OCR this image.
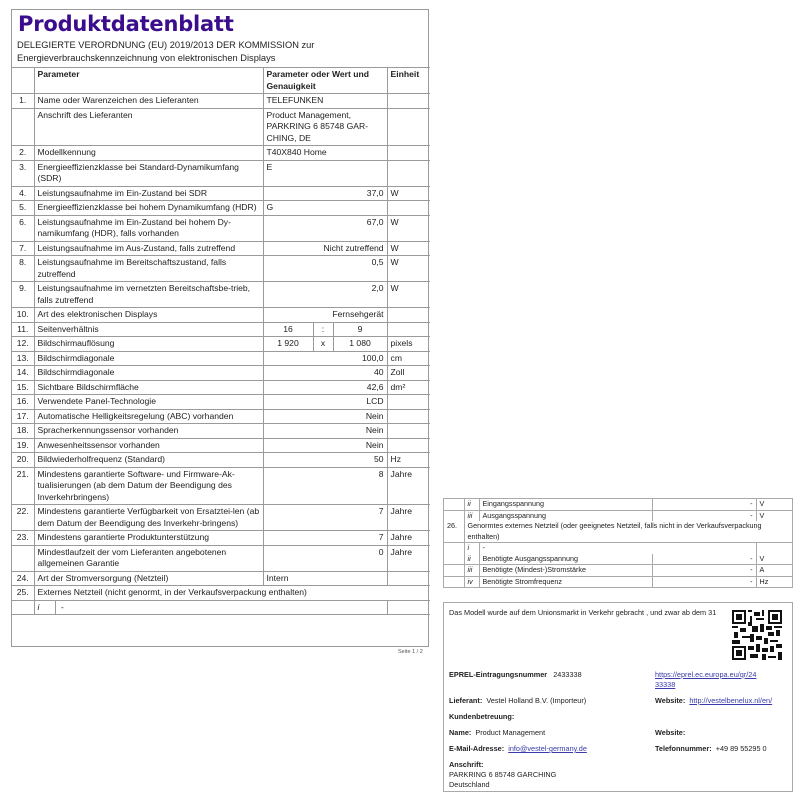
Produktdatenblatt
DELEGIERTE VERORDNUNG (EU) 2019/2013 DER KOMMISSION zur
Energieverbrauchskennzeichnung von elektronischen Displays
	Parameter	Parameter oder Wert und Genauigkeit			Einheit
1.	Name oder Warenzeichen des Lieferanten	TELEFUNKEN			
	Anschrift des Lieferanten	Product Management, PARKRING 6 85748 GAR-CHING, DE			
2.	Modellkennung	T40X840 Home			
3.	Energieeffizienzklasse bei Standard-Dynamikumfang (SDR)	E			
4.	Leistungsaufnahme im Ein-Zustand bei SDR	37,0			W
5.	Energieeffizienzklasse bei hohem Dynamikumfang (HDR)	G			
6.	Leistungsaufnahme im Ein-Zustand bei hohem Dy-namikumfang (HDR), falls vorhanden	67,0			W
7.	Leistungsaufnahme im Aus-Zustand, falls zutreffend	Nicht zutreffend			W
8.	Leistungsaufnahme im Bereitschaftszustand, falls zutreffend	0,5			W
9.	Leistungsaufnahme im vernetzten Bereitschaftsbe-trieb, falls zutreffend	2,0			W
10.	Art des elektronischen Displays	Fernsehgerät			
11.	Seitenverhältnis	16	:	9	
12.	Bildschirmauflösung	1 920	x	1 080	pixels
13.	Bildschirmdiagonale	100,0			cm
14.	Bildschirmdiagonale	40			Zoll
15.	Sichtbare Bildschirmfläche	42,6			dm²
16.	Verwendete Panel-Technologie	LCD			
17.	Automatische Helligkeitsregelung (ABC) vorhanden	Nein			
18.	Spracherkennungssensor vorhanden	Nein			
19.	Anwesenheitssensor vorhanden	Nein			
20.	Bildwiederholfrequenz (Standard)	50			Hz
21.	Mindestens garantierte Software- und Firmware-Ak-tualisierungen (ab dem Datum der Beendigung des Inverkehrbringens)	8			Jahre
22.	Mindestens garantierte Verfügbarkeit von Ersatztei-len (ab dem Datum der Beendigung des Inverkehr-bringens)	7			Jahre
23.	Mindestens garantierte Produktunterstützung	7			Jahre
	Mindestlaufzeit der vom Lieferanten angebotenen allgemeinen Garantie	0			Jahre
24.	Art der Stromversorgung (Netzteil)	Intern			
25.	Externes Netzteil (nicht genormt, in der Verkaufsverpackung enthalten)				
	i -				
Seite 1 / 2
	ii	Eingangsspannung	-	V
	iii	Ausgangsspannung	-	V
26.	Genormtes externes Netzteil (oder geeignetes Netzteil, falls nicht in der Verkaufsverpackung enthalten)			
	i	-		
	ii	Benötigte Ausgangsspannung	-	V
	iii	Benötigte (Mindest-)Stromstärke	-	A
	iv	Benötigte Stromfrequenz	-	Hz
Das Modell wurde auf dem Unionsmarkt in Verkehr gebracht , und zwar ab dem 31
EPREL-Eintragungsnummer 2433338	https://eprel.ec.europa.eu/qr/24
33338
Lieferant: Vestel Holland B.V. (Importeur)	Website: http://vestelbenelux.nl/en/
Kundenbetreuung:
Name: Product Management	Website:
E-Mail-Adresse: info@vestel-germany.de	Telefonnummer: +49 89 55295 0
Anschrift:
PARKRING 6 85748 GARCHING
Deutschland
